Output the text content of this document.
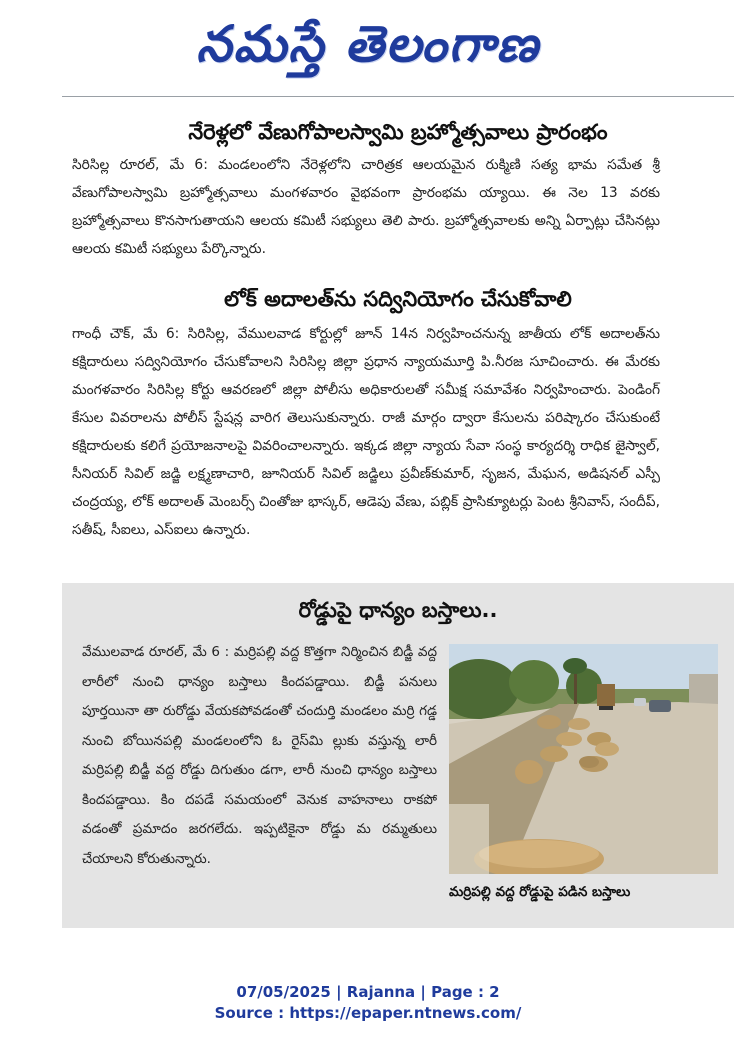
నమస్తే తెలంగాణ
నేరెళ్లలో వేణుగోపాలస్వామి బ్రహ్మోత్సవాలు ప్రారంభం

సిరిసిల్ల రూరల్‌, మే 6: మండలంలోని నేరెళ్లలోని చారిత్రక ఆలయమైన రుక్మిణి సత్య భామ సమేత శ్రీ వేణుగోపాలస్వామి బ్రహ్మోత్సవాలు మంగళవారం వైభవంగా ప్రారంభమ య్యాయి. ఈ నెల 13 వరకు బ్రహ్మోత్సవాలు కొనసాగుతాయని ఆలయ కమిటీ సభ్యులు తెలి పారు. బ్రహ్మోత్సవాలకు అన్ని ఏర్పాట్లు చేసినట్లు ఆలయ కమిటీ సభ్యులు పేర్కొన్నారు.

లోక్‌ అదాలత్‌ను సద్వినియోగం చేసుకోవాలి

గాంధీ చౌక్‌, మే 6: సిరిసిల్ల, వేములవాడ కోర్టుల్లో జూన్‌ 14న నిర్వహించనున్న జాతీయ లోక్‌ అదాలత్‌ను కక్షిదారులు సద్వినియోగం చేసుకోవాలని సిరిసిల్ల జిల్లా ప్రధాన న్యాయమూర్తి పి.నీరజ సూచించారు. ఈ మేరకు మంగళవారం సిరిసిల్ల కోర్టు ఆవరణలో జిల్లా పోలీసు అధికారులతో సమీక్ష సమావేశం నిర్వహించారు. పెండింగ్‌ కేసుల వివరాలను పోలీస్‌ స్టేషన్ల వారిగ తెలుసుకున్నారు. రాజీ మార్గం ద్వారా కేసులను పరిష్కారం చేసుకుంటే కక్షిదారులకు కలిగే ప్రయోజనాలపై వివరించాలన్నారు. ఇక్కడ జిల్లా న్యాయ సేవా సంస్థ కార్యదర్శి రాధిక జైస్వాల్‌, సీనియర్‌ సివిల్‌ జడ్జి లక్ష్మణాచారి, జూనియర్‌ సివిల్‌ జడ్జిలు ప్రవీణ్‌కుమార్‌, సృజన, మేఘన, అడిషనల్‌ ఎస్పీ చంద్రయ్య, లోక్‌ అదాలత్‌ మెంబర్స్‌ చింతోజు భాస్కర్‌, ఆడెపు వేణు, పబ్లిక్‌ ప్రాసిక్యూటర్లు పెంట శ్రీనివాస్‌, సందీప్‌, సతీష్‌, సీఐలు, ఎస్‌ఐలు ఉన్నారు.

రోడ్డుపై ధాన్యం బస్తాలు..

వేములవాడ రూరల్‌, మే 6 : మర్రిపల్లి వద్ద కొత్తగా నిర్మించిన బిడ్జీ వద్ద లారీలో నుంచి ధాన్యం బస్తాలు కిందపడ్డాయి. బిడ్జీ పనులు పూర్తయినా తా రురోడ్డు వేయకపోవడంతో చందుర్తి మండలం మర్రి గడ్డ నుంచి బోయినపల్లి మండలంలోని ఓ రైస్‌మి ల్లుకు వస్తున్న లారీ మర్రిపల్లి బిడ్జీ వద్ద రోడ్డు దిగుతుం డగా, లారీ నుంచి ధాన్యం బస్తాలు కిందపడ్డాయి. కిం దపడే సమయంలో వెనుక వాహనాలు రాకపో వడంతో ప్రమాదం జరగలేదు. ఇప్పటికైనా రోడ్డు మ రమ్మతులు చేయాలని కోరుతున్నారు.

మర్రిపల్లి వద్ద రోడ్డుపై పడిన బస్తాలు
07/05/2025 | Rajanna | Page : 2
Source : https://epaper.ntnews.com/
